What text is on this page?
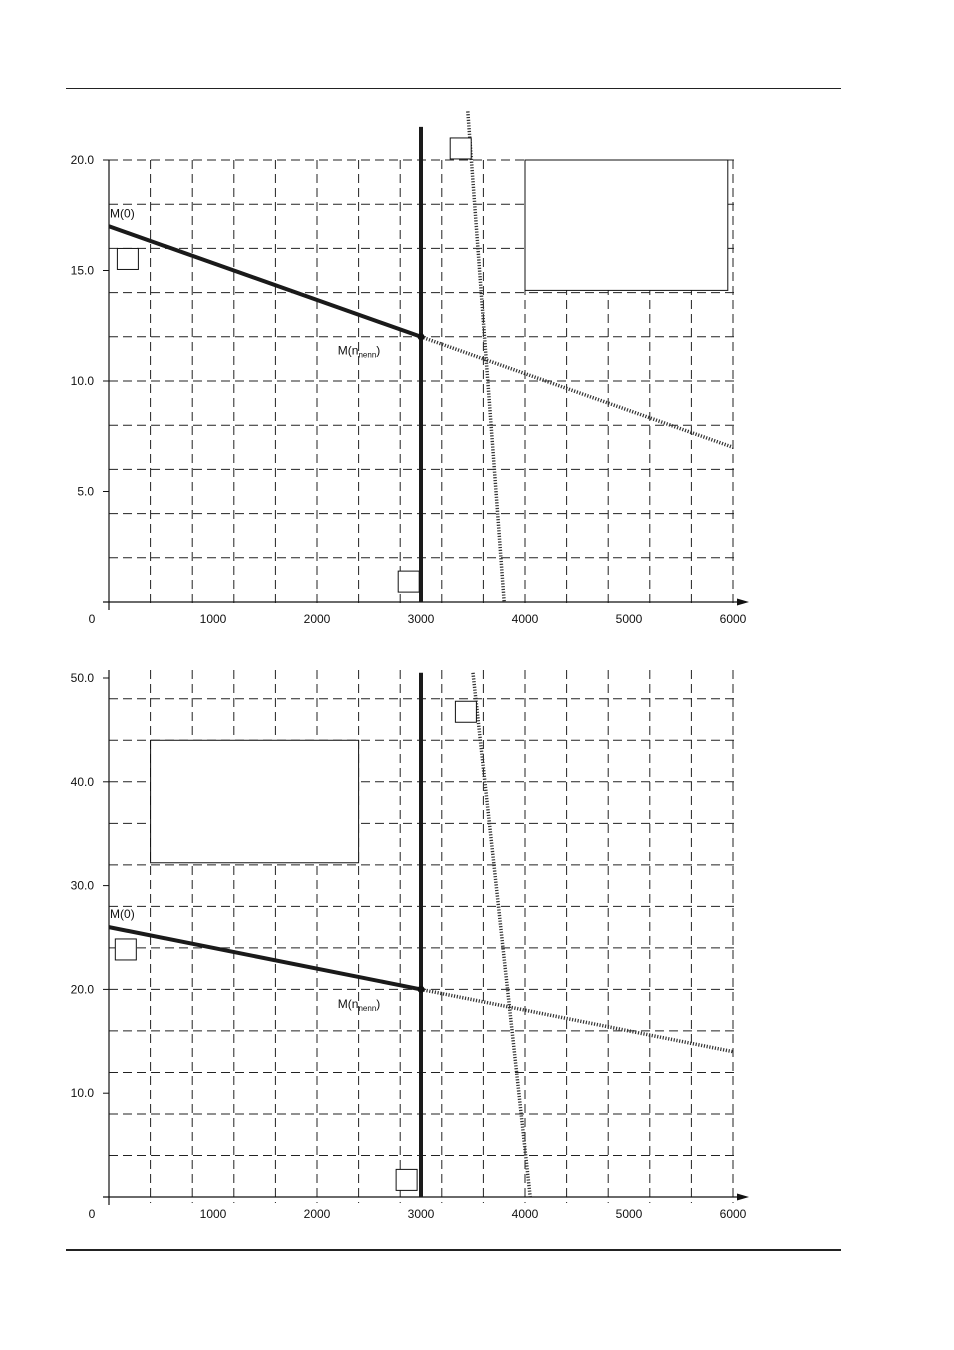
5.0
10.0
15.0
20.0
0	1000	2000	3000	4000	5000	6000
M(0)
$M(n_{nenn})$
10.0
20.0
30.0
40.0
50.0
0	1000	2000	3000	4000	5000	6000
M(0)
$M(n_{nenn})$
